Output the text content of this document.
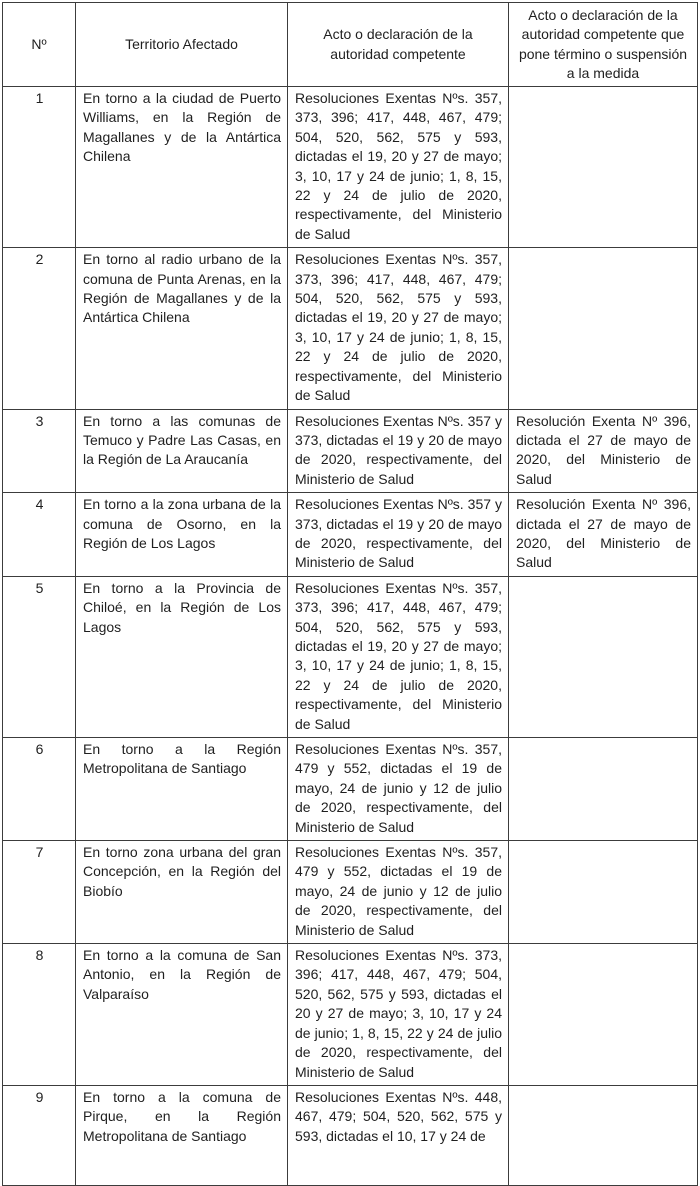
Nº	Territorio Afectado	Acto o declaración de la autoridad competente	Acto o declaración de la autoridad competente que pone término o suspensión a la medida
1	En torno a la ciudad de Puerto Williams, en la Región de Magallanes y de la Antártica Chilena	Resoluciones Exentas Nºs. 357, 373, 396; 417, 448, 467, 479; 504, 520, 562, 575 y 593, dictadas el 19, 20 y 27 de mayo; 3, 10, 17 y 24 de junio; 1, 8, 15, 22 y 24 de julio de 2020, respectivamente, del Ministerio de Salud	
2	En torno al radio urbano de la comuna de Punta Arenas, en la Región de Magallanes y de la Antártica Chilena	Resoluciones Exentas Nºs. 357, 373, 396; 417, 448, 467, 479; 504, 520, 562, 575 y 593, dictadas el 19, 20 y 27 de mayo; 3, 10, 17 y 24 de junio; 1, 8, 15, 22 y 24 de julio de 2020, respectivamente, del Ministerio de Salud	
3	En torno a las comunas de Temuco y Padre Las Casas, en la Región de La Araucanía	Resoluciones Exentas Nºs. 357 y 373, dictadas el 19 y 20 de mayo de 2020, respectivamente, del Ministerio de Salud	Resolución Exenta Nº 396, dictada el 27 de mayo de 2020, del Ministerio de Salud
4	En torno a la zona urbana de la comuna de Osorno, en la Región de Los Lagos	Resoluciones Exentas Nºs. 357 y 373, dictadas el 19 y 20 de mayo de 2020, respectivamente, del Ministerio de Salud	Resolución Exenta Nº 396, dictada el 27 de mayo de 2020, del Ministerio de Salud
5	En torno a la Provincia de Chiloé, en la Región de Los Lagos	Resoluciones Exentas Nºs. 357, 373, 396; 417, 448, 467, 479; 504, 520, 562, 575 y 593, dictadas el 19, 20 y 27 de mayo; 3, 10, 17 y 24 de junio; 1, 8, 15, 22 y 24 de julio de 2020, respectivamente, del Ministerio de Salud	
6	En torno a la Región Metropolitana de Santiago	Resoluciones Exentas Nºs. 357, 479 y 552, dictadas el 19 de mayo, 24 de junio y 12 de julio de 2020, respectivamente, del Ministerio de Salud	
7	En torno zona urbana del gran Concepción, en la Región del Biobío	Resoluciones Exentas Nºs. 357, 479 y 552, dictadas el 19 de mayo, 24 de junio y 12 de julio de 2020, respectivamente, del Ministerio de Salud	
8	En torno a la comuna de San Antonio, en la Región de Valparaíso	Resoluciones Exentas Nºs. 373, 396; 417, 448, 467, 479; 504, 520, 562, 575 y 593, dictadas el 20 y 27 de mayo; 3, 10, 17 y 24 de junio; 1, 8, 15, 22 y 24 de julio de 2020, respectivamente, del Ministerio de Salud	
9	En torno a la comuna de Pirque, en la Región Metropolitana de Santiago	Resoluciones Exentas Nºs. 448, 467, 479; 504, 520, 562, 575 y 593, dictadas el 10, 17 y 24 de	
